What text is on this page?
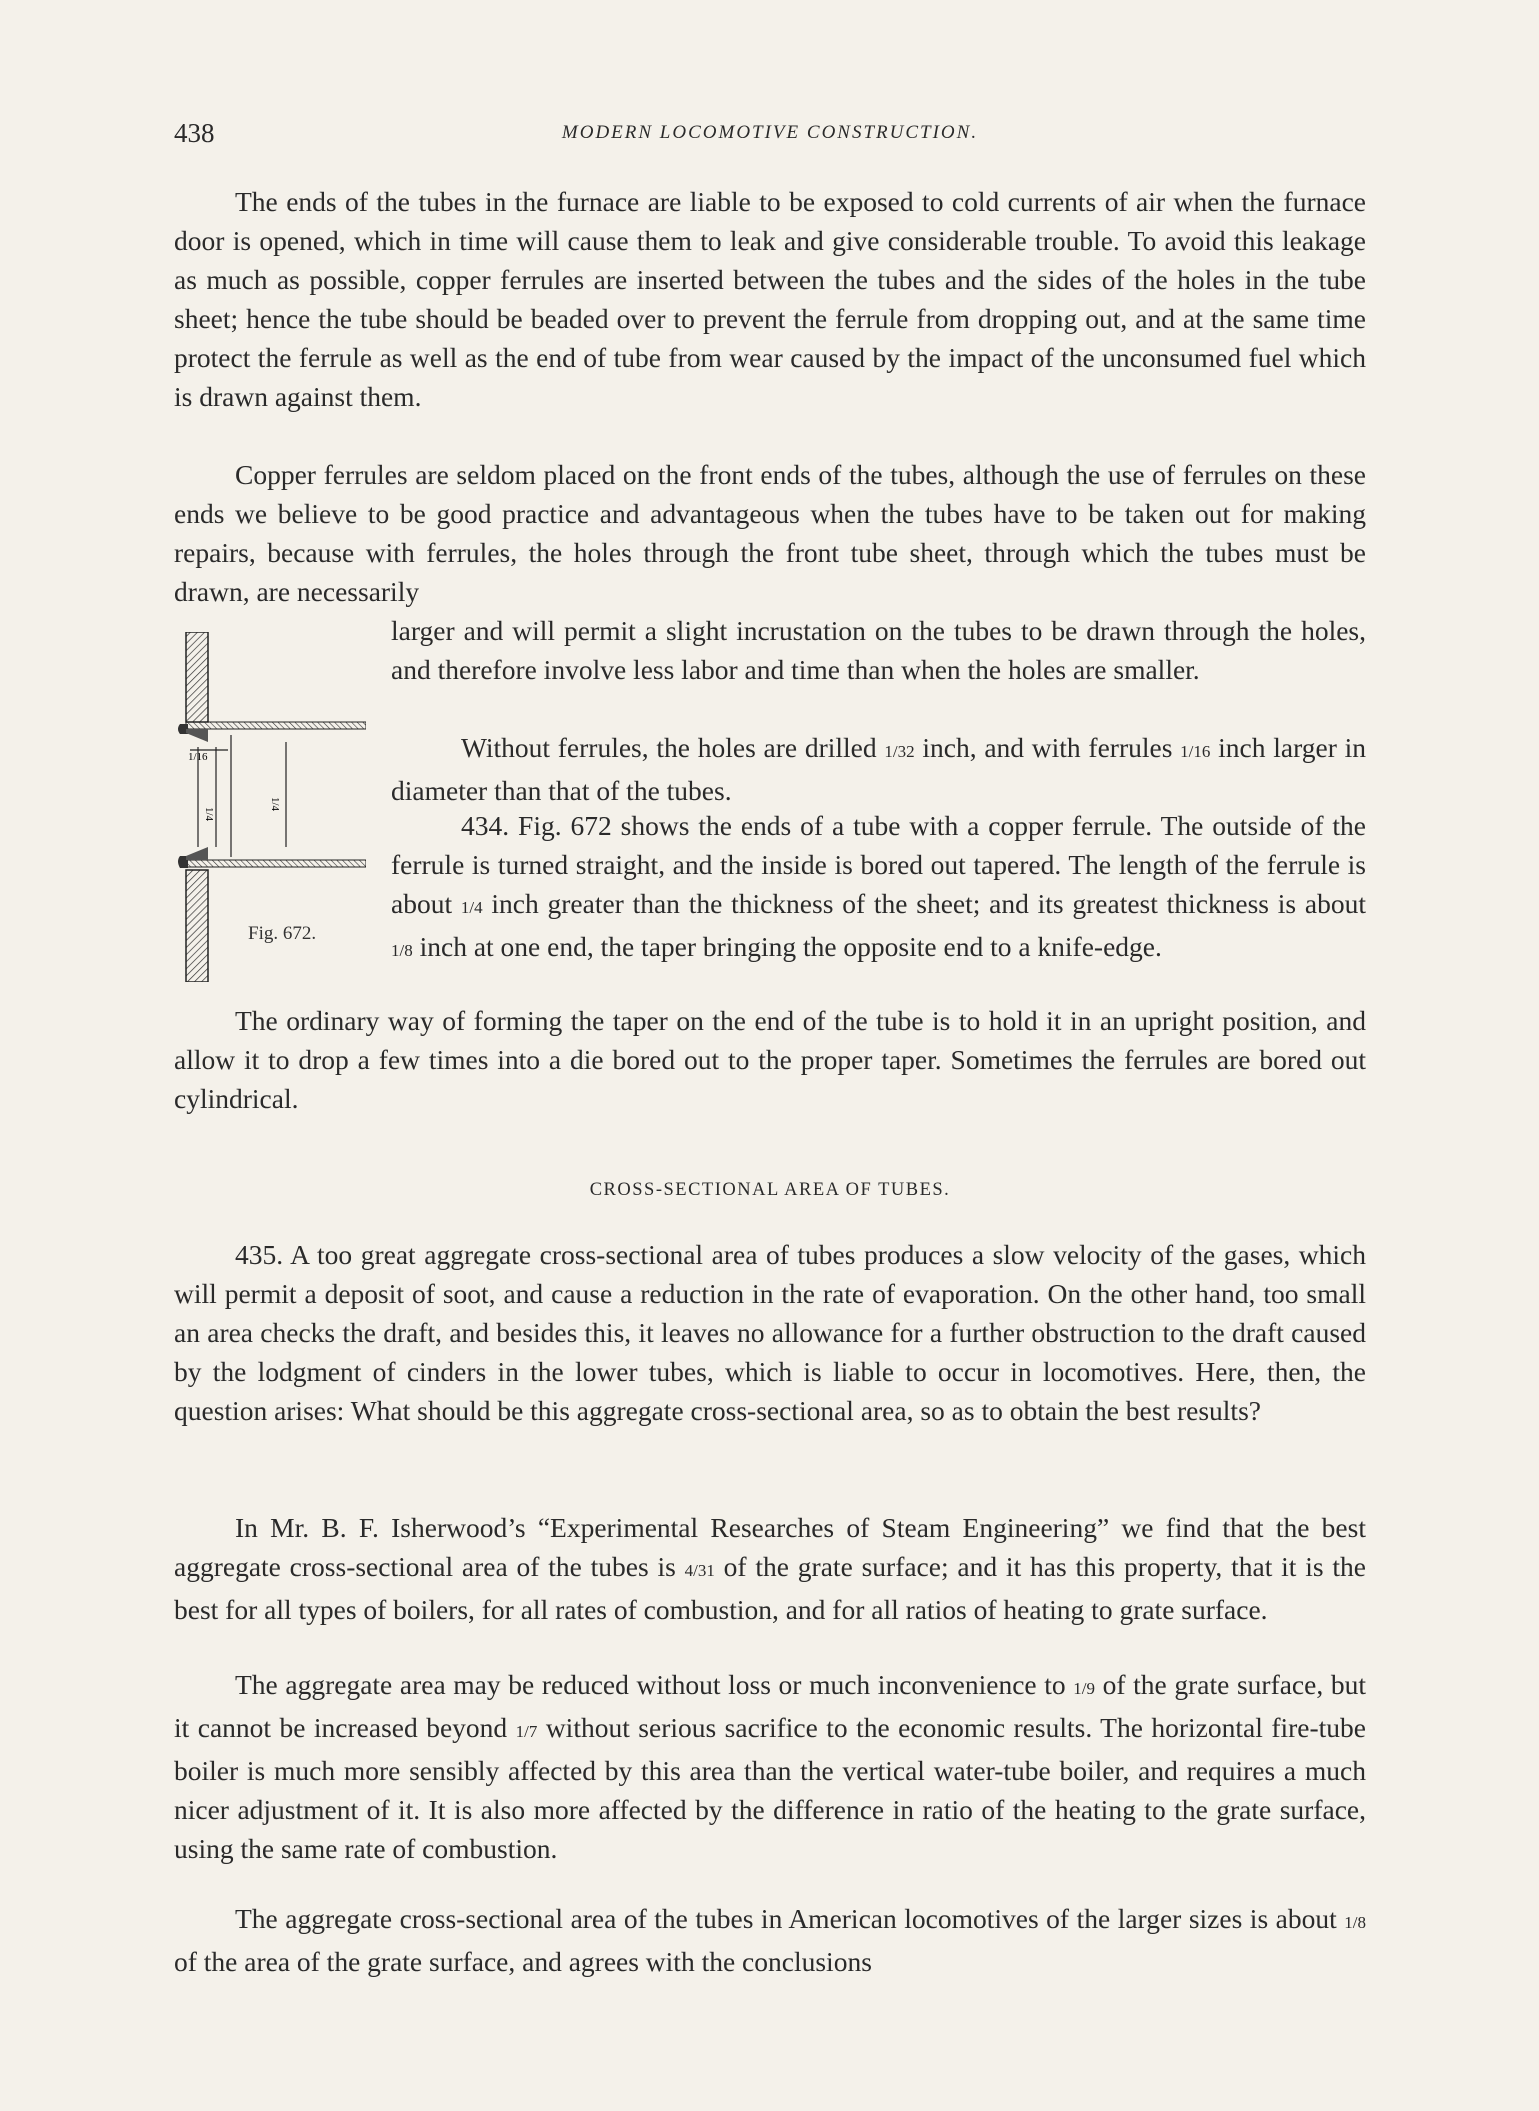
438	MODERN LOCOMOTIVE CONSTRUCTION.

The ends of the tubes in the furnace are liable to be exposed to cold currents of air when the furnace door is opened, which in time will cause them to leak and give considerable trouble. To avoid this leakage as much as possible, copper ferrules are inserted between the tubes and the sides of the holes in the tube sheet; hence the tube should be beaded over to prevent the ferrule from dropping out, and at the same time protect the ferrule as well as the end of tube from wear caused by the impact of the unconsumed fuel which is drawn against them.

Copper ferrules are seldom placed on the front ends of the tubes, although the use of ferrules on these ends we believe to be good practice and advantageous when the tubes have to be taken out for making repairs, because with ferrules, the holes through the front tube sheet, through which the tubes must be drawn, are necessarily

1/16
1/4
1/4
Fig. 672.

larger and will permit a slight incrustation on the tubes to be drawn through the holes, and therefore involve less labor and time than when the holes are smaller.

Without ferrules, the holes are drilled 1/32 inch, and with ferrules 1/16 inch larger in diameter than that of the tubes.

434. Fig. 672 shows the ends of a tube with a copper ferrule. The outside of the ferrule is turned straight, and the inside is bored out tapered. The length of the ferrule is about 1/4 inch greater than the thickness of the sheet; and its greatest thickness is about 1/8 inch at one end, the taper bringing the opposite end to a knife-edge.

The ordinary way of forming the taper on the end of the tube is to hold it in an upright position, and allow it to drop a few times into a die bored out to the proper taper. Sometimes the ferrules are bored out cylindrical.

CROSS-SECTIONAL AREA OF TUBES.

435. A too great aggregate cross-sectional area of tubes produces a slow velocity of the gases, which will permit a deposit of soot, and cause a reduction in the rate of evaporation. On the other hand, too small an area checks the draft, and besides this, it leaves no allowance for a further obstruction to the draft caused by the lodgment of cinders in the lower tubes, which is liable to occur in locomotives. Here, then, the question arises: What should be this aggregate cross-sectional area, so as to obtain the best results?

In Mr. B. F. Isherwood’s “Experimental Researches of Steam Engineering” we find that the best aggregate cross-sectional area of the tubes is 4/31 of the grate surface; and it has this property, that it is the best for all types of boilers, for all rates of combustion, and for all ratios of heating to grate surface.

The aggregate area may be reduced without loss or much inconvenience to 1/9 of the grate surface, but it cannot be increased beyond 1/7 without serious sacrifice to the economic results. The horizontal fire-tube boiler is much more sensibly affected by this area than the vertical water-tube boiler, and requires a much nicer adjustment of it. It is also more affected by the difference in ratio of the heating to the grate surface, using the same rate of combustion.

The aggregate cross-sectional area of the tubes in American locomotives of the larger sizes is about 1/8 of the area of the grate surface, and agrees with the conclusions
